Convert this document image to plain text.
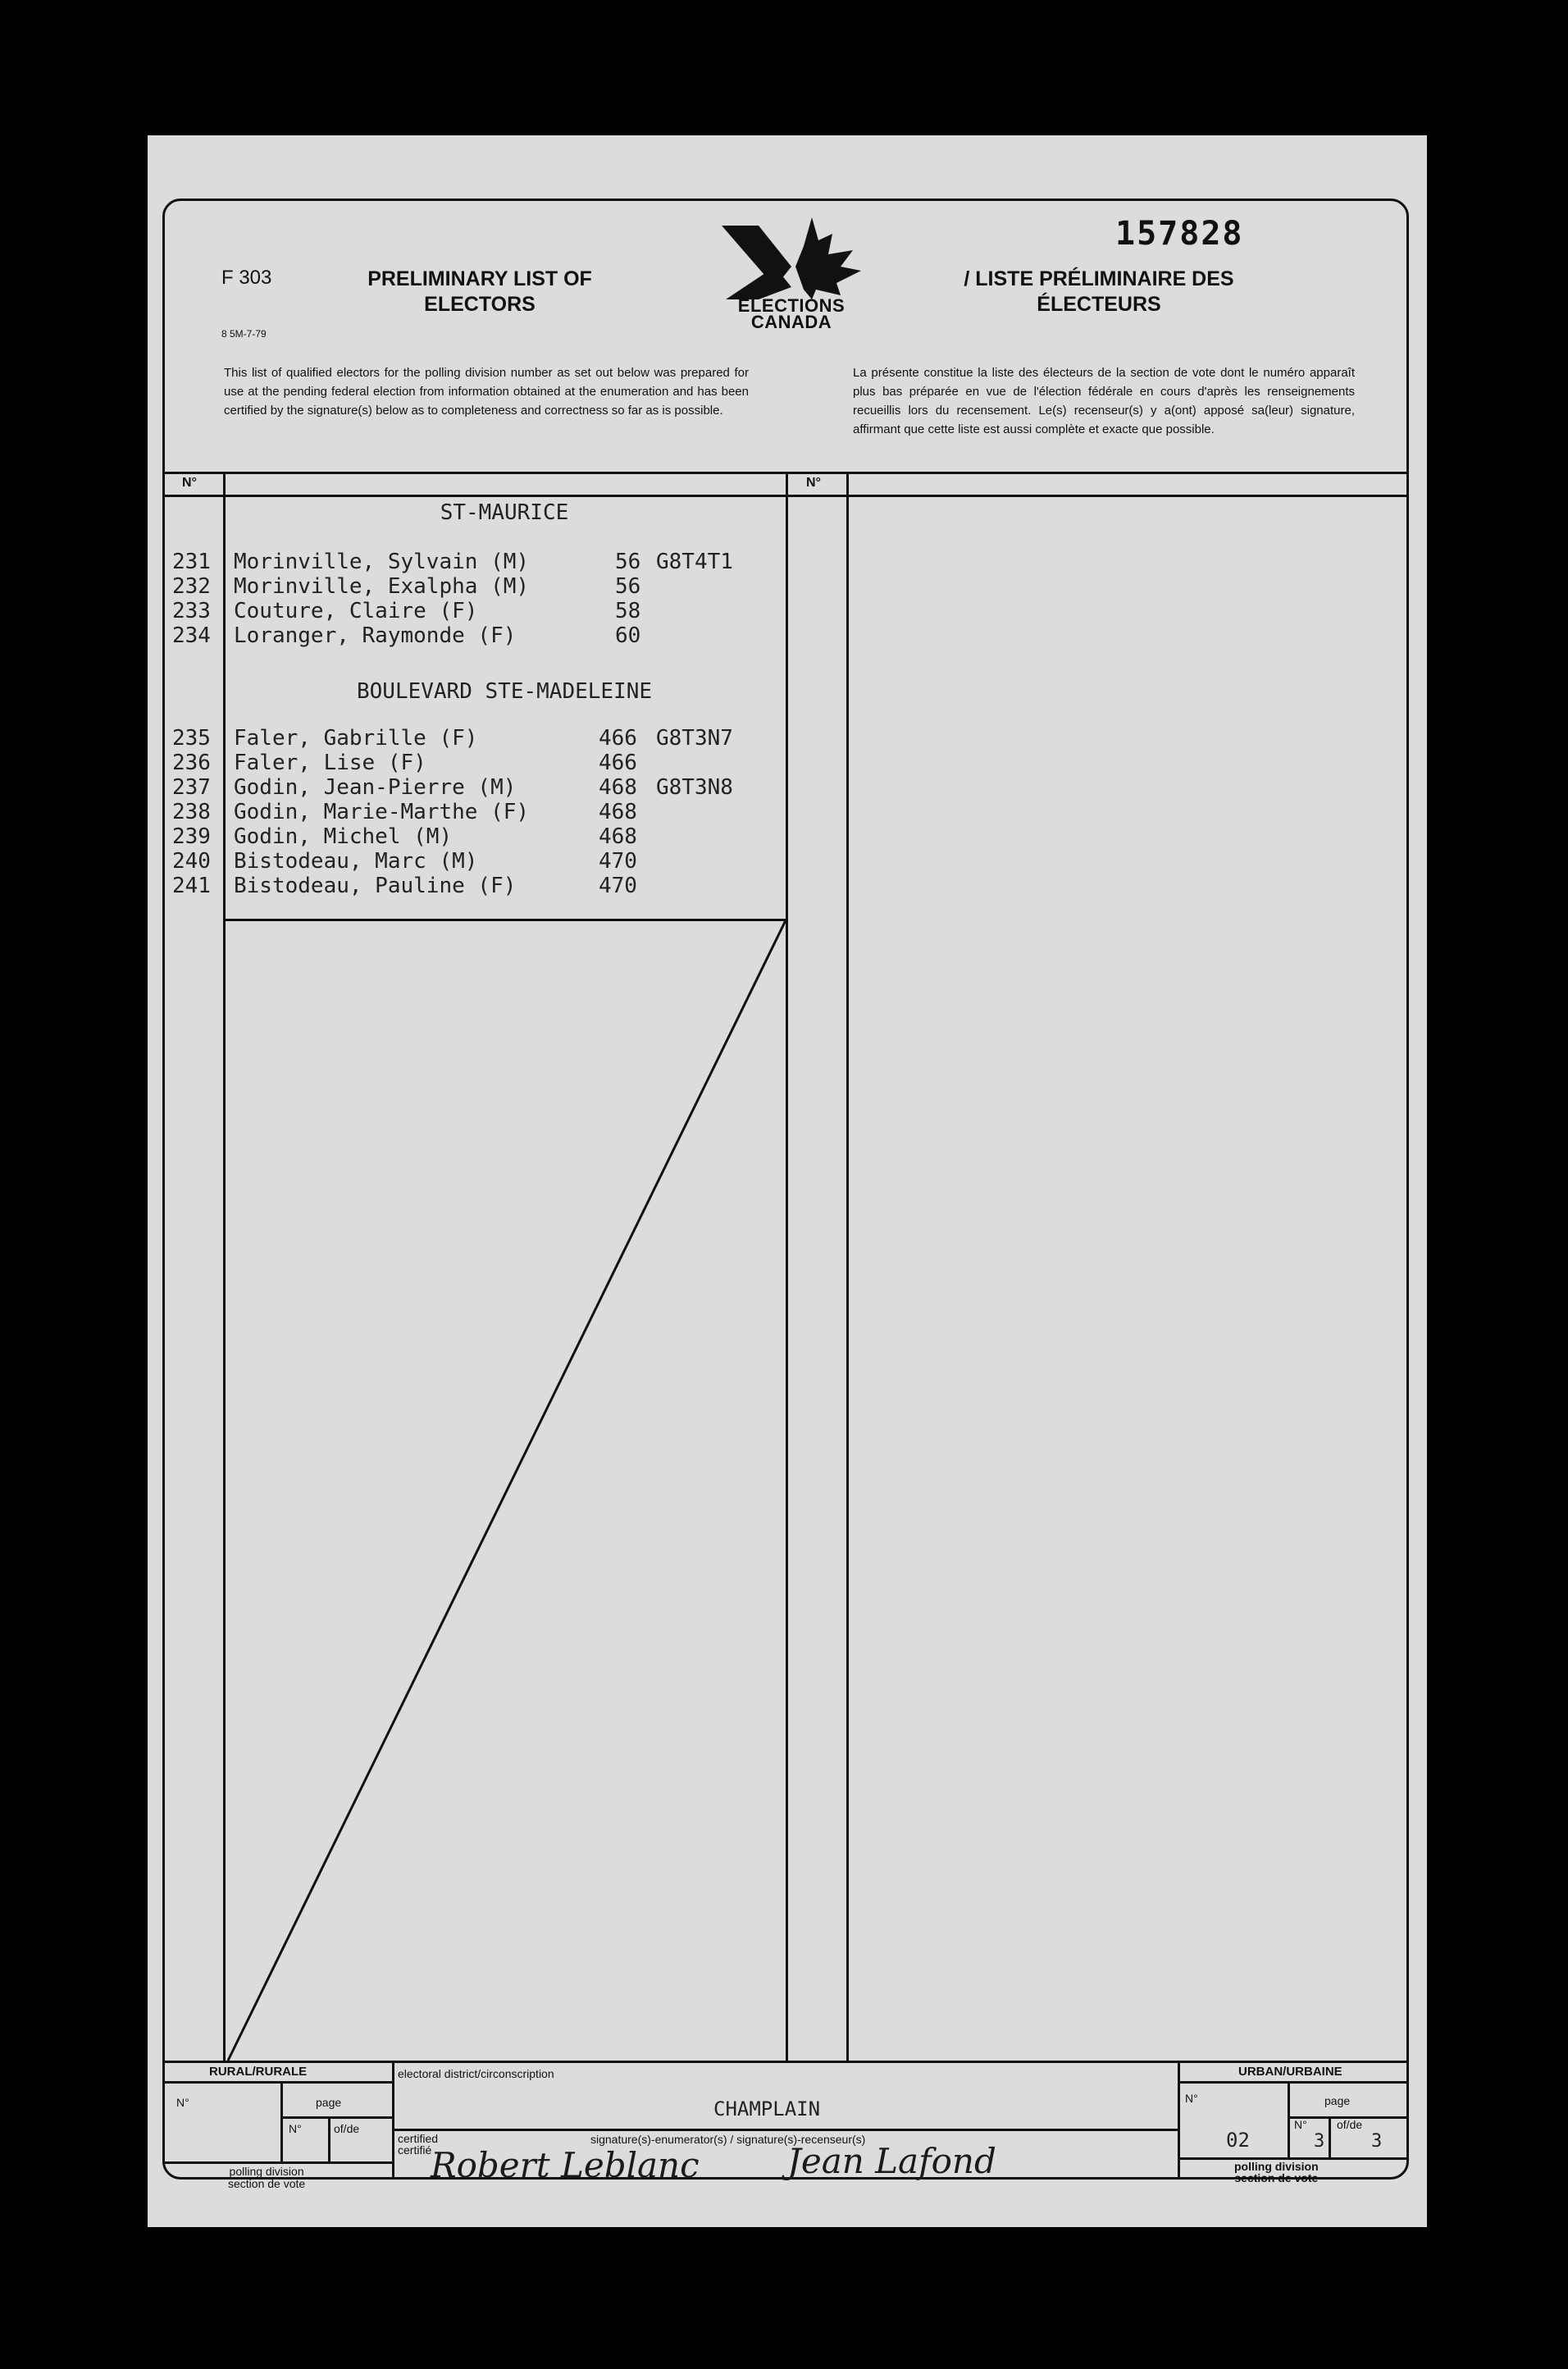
F 303	PRELIMINARY LIST OF
ELECTORS
/ LISTE PRÉLIMINAIRE DES
ÉLECTEURS
8 5M-7-79
157828
ELECTIONS
CANADA
This list of qualified electors for the polling division number as set out below was prepared for use at the pending federal election from information obtained at the enumeration and has been certified by the signature(s) below as to completeness and correctness so far as is possible.
La présente constitue la liste des électeurs de la section de vote dont le numéro apparaît plus bas préparée en vue de l'élection fédérale en cours d'après les renseignements recueillis lors du recensement. Le(s) recenseur(s) y a(ont) apposé sa(leur) signature, affirmant que cette liste est aussi complète et exacte que possible.
N°	N°
ST-MAURICE
231 Morinville, Sylvain (M)	56 G8T4T1
232 Morinville, Exalpha (M)	56
233 Couture, Claire (F)	58
234 Loranger, Raymonde (F)	60
BOULEVARD STE-MADELEINE
235 Faler, Gabrille (F)	466 G8T3N7
236 Faler, Lise (F)	466
237 Godin, Jean-Pierre (M)	468 G8T3N8
238 Godin, Marie-Marthe (F)	468
239 Godin, Michel (M)	468
240 Bistodeau, Marc (M)	470
241 Bistodeau, Pauline (F)	470
RURAL/RURALE	URBAN/URBAINE
N°	page
N°	of/de
polling division
section de vote
electoral district/circonscription
CHAMPLAIN
certified
certifié
signature(s)-enumerator(s) / signature(s)-recenseur(s)
Robert Leblanc	Jean Lafond
N°	page
N°	of/de
02	3	3
polling division
section de vote
